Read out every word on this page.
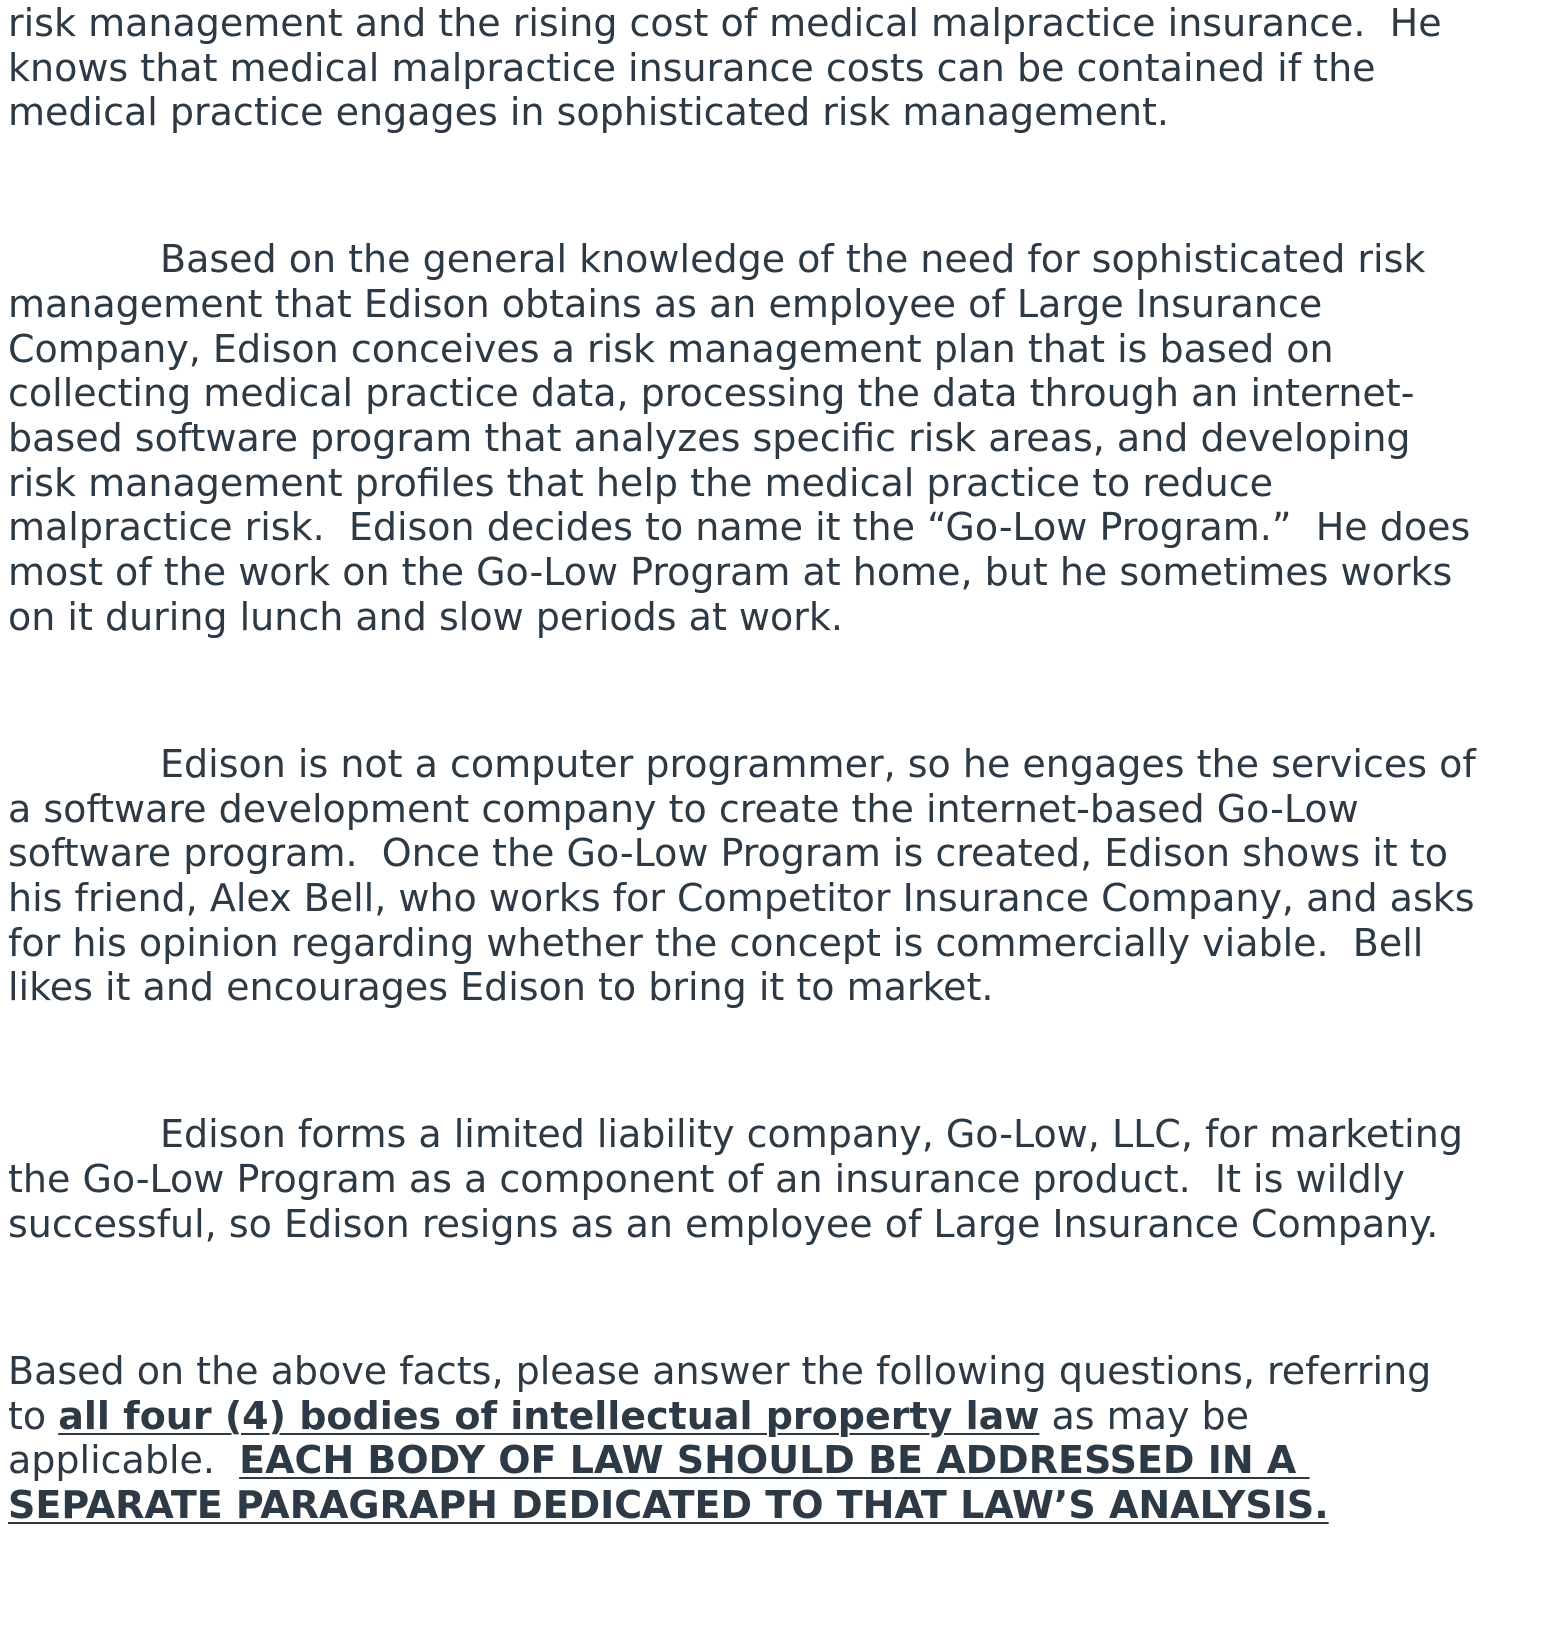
risk management and the rising cost of medical malpractice insurance.  He
knows that medical malpractice insurance costs can be contained if the
medical practice engages in sophisticated risk management.
Based on the general knowledge of the need for sophisticated risk
management that Edison obtains as an employee of Large Insurance
Company, Edison conceives a risk management plan that is based on
collecting medical practice data, processing the data through an internet-
based software program that analyzes specific risk areas, and developing
risk management profiles that help the medical practice to reduce
malpractice risk.  Edison decides to name it the “Go-Low Program.”  He does
most of the work on the Go-Low Program at home, but he sometimes works
on it during lunch and slow periods at work.
Edison is not a computer programmer, so he engages the services of
a software development company to create the internet-based Go-Low
software program.  Once the Go-Low Program is created, Edison shows it to
his friend, Alex Bell, who works for Competitor Insurance Company, and asks
for his opinion regarding whether the concept is commercially viable.  Bell
likes it and encourages Edison to bring it to market.
Edison forms a limited liability company, Go-Low, LLC, for marketing
the Go-Low Program as a component of an insurance product.  It is wildly
successful, so Edison resigns as an employee of Large Insurance Company.
Based on the above facts, please answer the following questions, referring
to all four (4) bodies of intellectual property law as may be
applicable.  EACH BODY OF LAW SHOULD BE ADDRESSED IN A
SEPARATE PARAGRAPH DEDICATED TO THAT LAW’S ANALYSIS.
